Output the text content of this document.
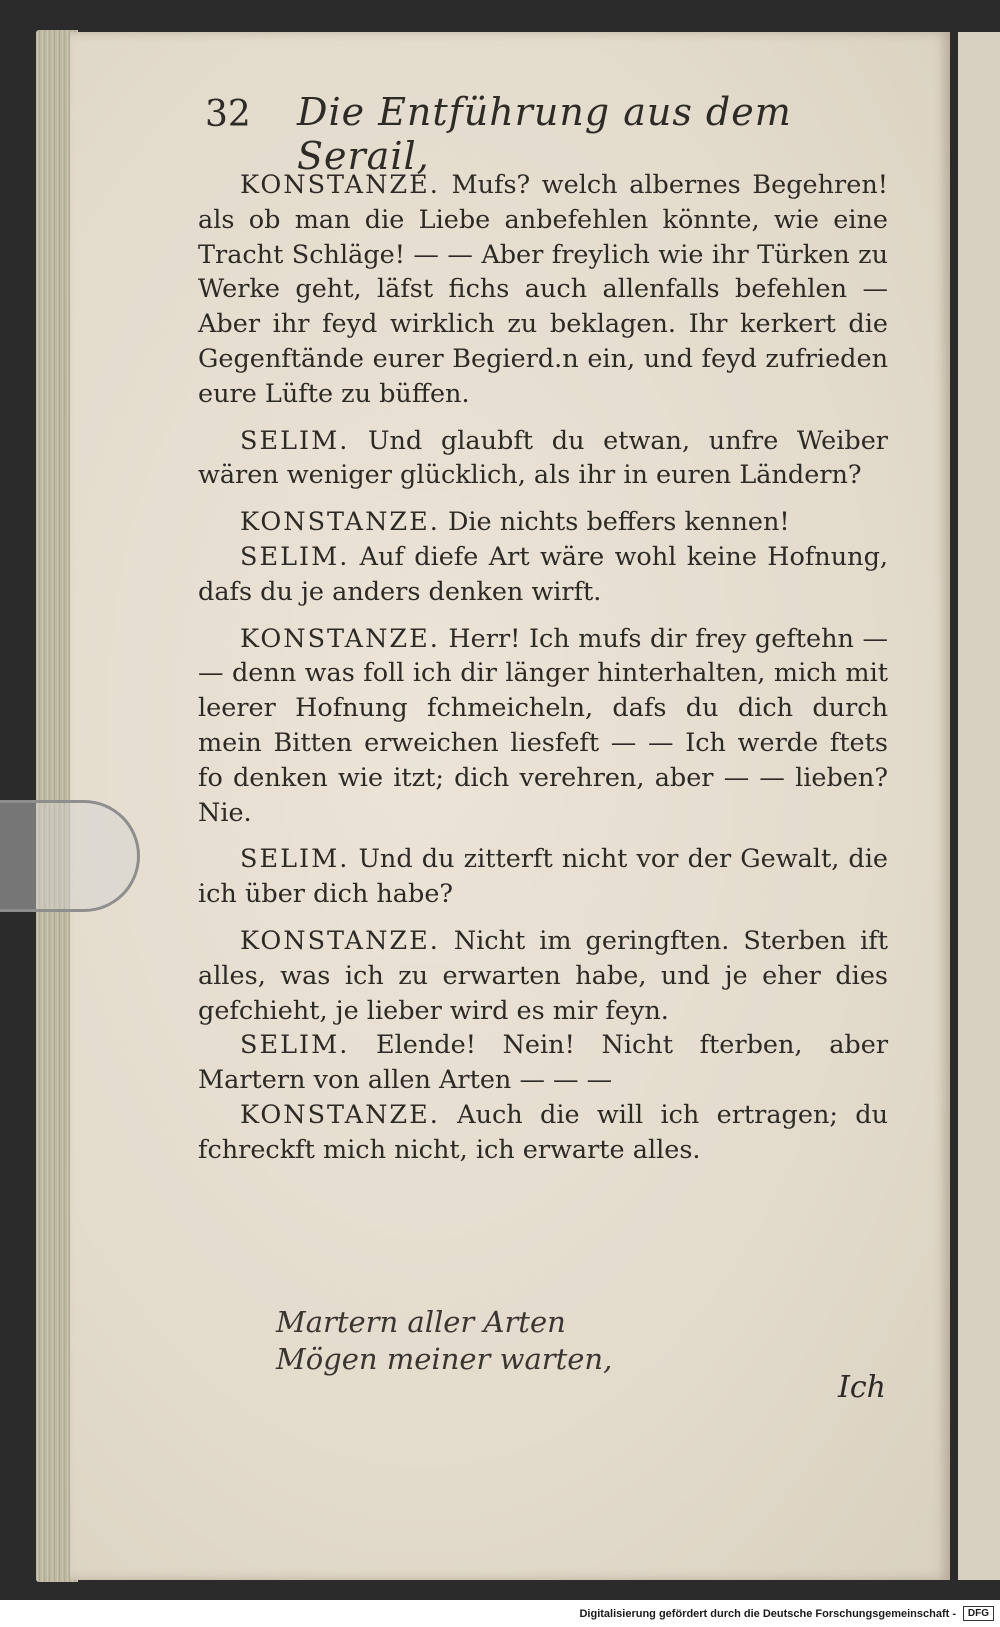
32 Die Entführung aus dem Serail,

KONSTANZE. Mufs? welch albernes Begehren! als ob man die Liebe anbefehlen könnte, wie eine Tracht Schläge! — — Aber freylich wie ihr Türken zu Werke geht, läfst fichs auch allenfalls befehlen — Aber ihr feyd wirklich zu beklagen. Ihr kerkert die Gegenftände eurer Begierd.n ein, und feyd zufrieden eure Lüfte zu büffen.

SELIM. Und glaubft du etwan, unfre Weiber wären weniger glücklich, als ihr in euren Ländern?

KONSTANZE. Die nichts beffers kennen!

SELIM. Auf diefe Art wäre wohl keine Hofnung, dafs du je anders denken wirft.

KONSTANZE. Herr! Ich mufs dir frey geftehn — — denn was foll ich dir länger hinterhalten, mich mit leerer Hofnung fchmeicheln, dafs du dich durch mein Bitten erweichen liesfeft — — Ich werde ftets fo denken wie itzt; dich verehren, aber — — lieben? Nie.

SELIM. Und du zitterft nicht vor der Gewalt, die ich über dich habe?

KONSTANZE. Nicht im geringften. Sterben ift alles, was ich zu erwarten habe, und je eher dies gefchieht, je lieber wird es mir feyn.

SELIM. Elende! Nein! Nicht fterben, aber Martern von allen Arten — — —

KONSTANZE. Auch die will ich ertragen; du fchreckft mich nicht, ich erwarte alles.

Martern aller Arten
Mögen meiner warten,
Ich
Digitalisierung gefördert durch die Deutsche Forschungsgemeinschaft -	DFG
